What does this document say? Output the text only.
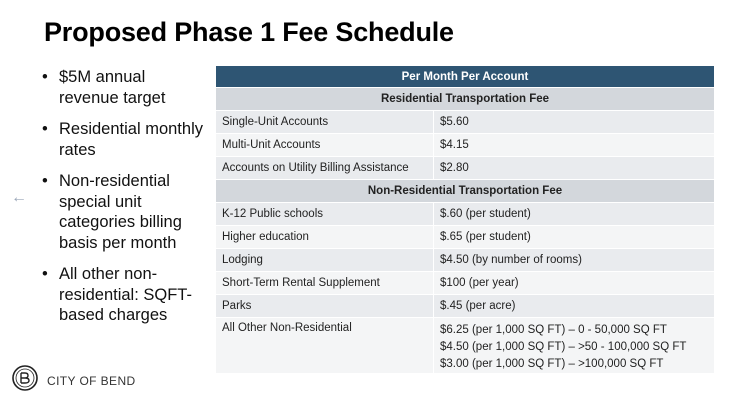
Proposed Phase 1 Fee Schedule
←
• $5M annual revenue target
• Residential monthly rates
• Non-residential special unit categories billing basis per month
• All other non-residential: SQFT-based charges
Per Month Per Account	
Residential Transportation Fee	
Single-Unit Accounts	$5.60
Multi-Unit Accounts	$4.15
Accounts on Utility Billing Assistance	$2.80
Non-Residential Transportation Fee	
K-12 Public schools	$.60 (per student)
Higher education	$.65 (per student)
Lodging	$4.50 (by number of rooms)
Short-Term Rental Supplement	$100 (per year)
Parks	$.45 (per acre)
All Other Non-Residential	$6.25 (per 1,000 SQ FT) – 0 - 50,000 SQ FT
$4.50 (per 1,000 SQ FT) – >50 - 100,000 SQ FT
$3.00 (per 1,000 SQ FT) – >100,000 SQ FT
CITY OF BEND
